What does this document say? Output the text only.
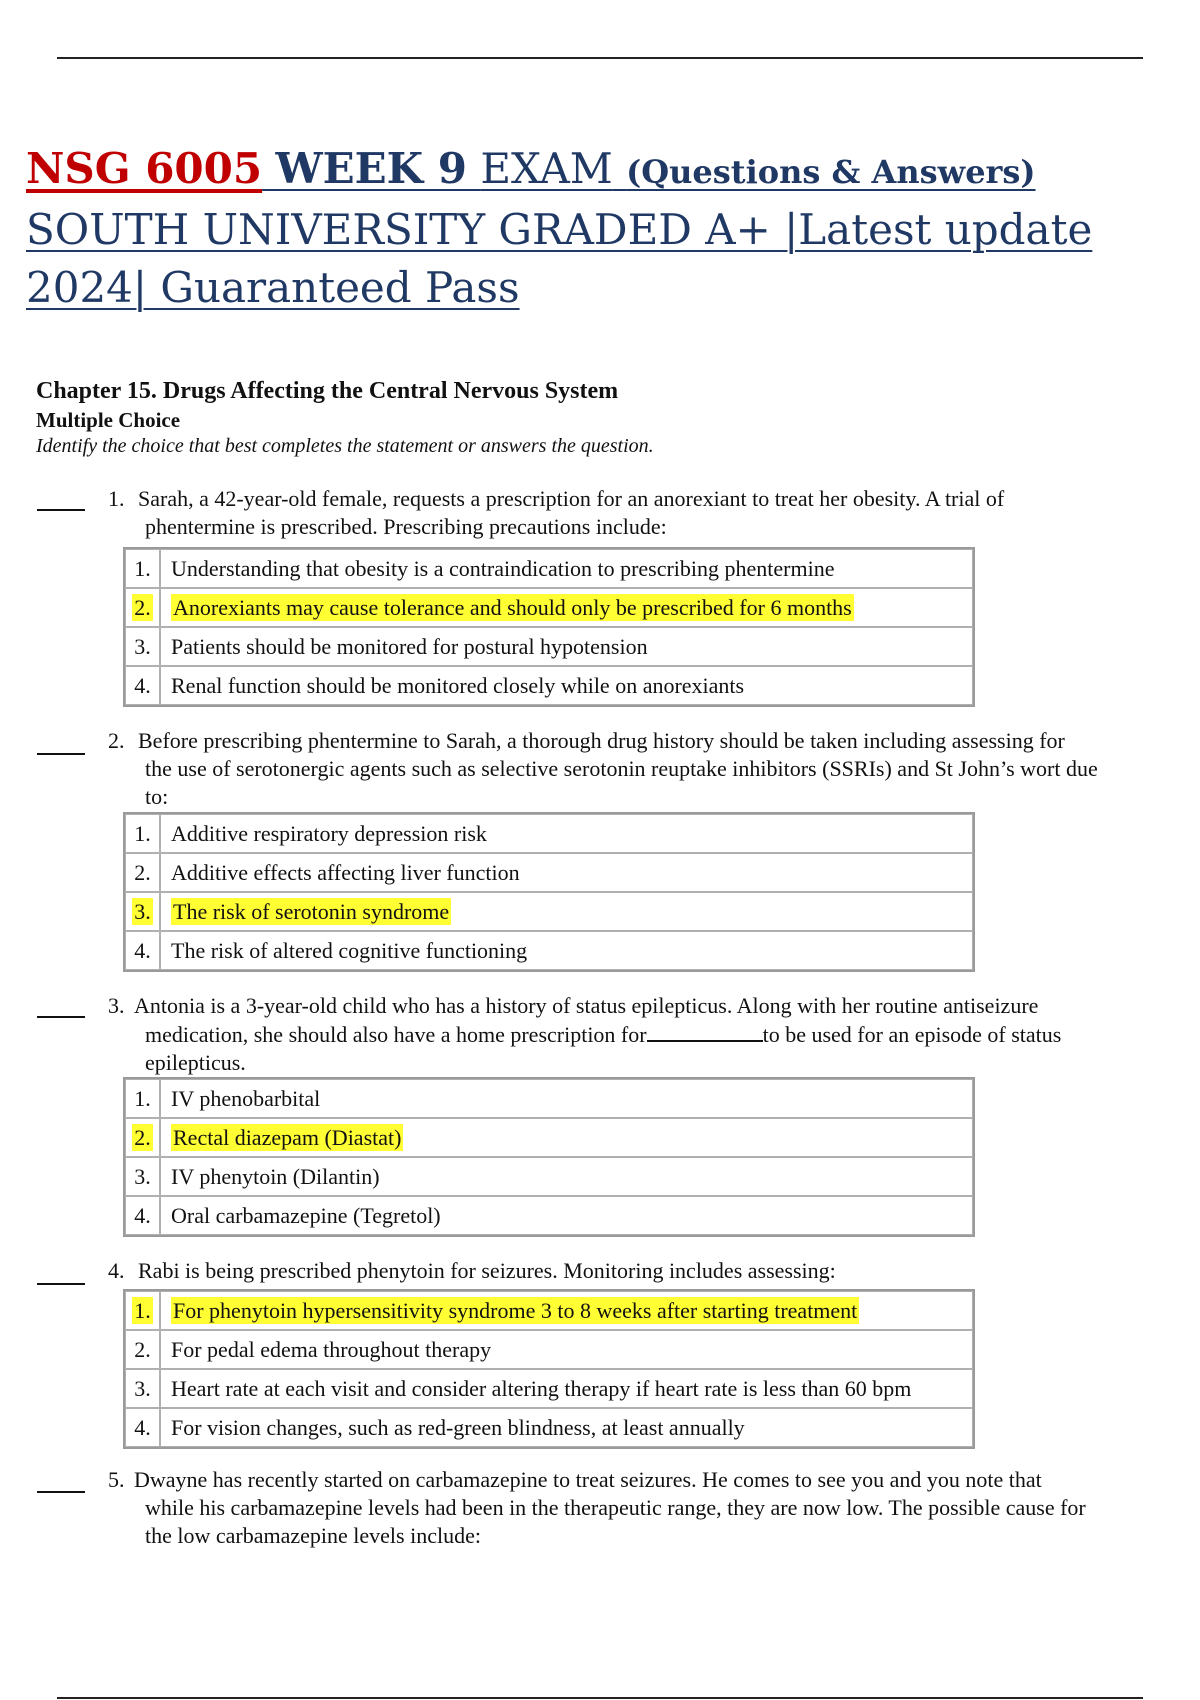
NSG 6005 WEEK 9 EXAM (Questions & Answers) SOUTH UNIVERSITY GRADED A+ |Latest update 2024| Guaranteed Pass
Chapter 15. Drugs Affecting the Central Nervous System
Multiple Choice
Identify the choice that best completes the statement or answers the question.
1. Sarah, a 42-year-old female, requests a prescription for an anorexiant to treat her obesity. A trial of
phentermine is prescribed. Prescribing precautions include:
1.	Understanding that obesity is a contraindication to prescribing phentermine
2.	Anorexiants may cause tolerance and should only be prescribed for 6 months
3.	Patients should be monitored for postural hypotension
4.	Renal function should be monitored closely while on anorexiants
2. Before prescribing phentermine to Sarah, a thorough drug history should be taken including assessing for
the use of serotonergic agents such as selective serotonin reuptake inhibitors (SSRIs) and St John’s wort due
to:
1.	Additive respiratory depression risk
2.	Additive effects affecting liver function
3.	The risk of serotonin syndrome
4.	The risk of altered cognitive functioning
3. Antonia is a 3-year-old child who has a history of status epilepticus. Along with her routine antiseizure
medication, she should also have a home prescription for	to be used for an episode of status
epilepticus.
1.	IV phenobarbital
2.	Rectal diazepam (Diastat)
3.	IV phenytoin (Dilantin)
4.	Oral carbamazepine (Tegretol)
4. Rabi is being prescribed phenytoin for seizures. Monitoring includes assessing:
1.	For phenytoin hypersensitivity syndrome 3 to 8 weeks after starting treatment
2.	For pedal edema throughout therapy
3.	Heart rate at each visit and consider altering therapy if heart rate is less than 60 bpm
4.	For vision changes, such as red-green blindness, at least annually
5. Dwayne has recently started on carbamazepine to treat seizures. He comes to see you and you note that
while his carbamazepine levels had been in the therapeutic range, they are now low. The possible cause for
the low carbamazepine levels include:
